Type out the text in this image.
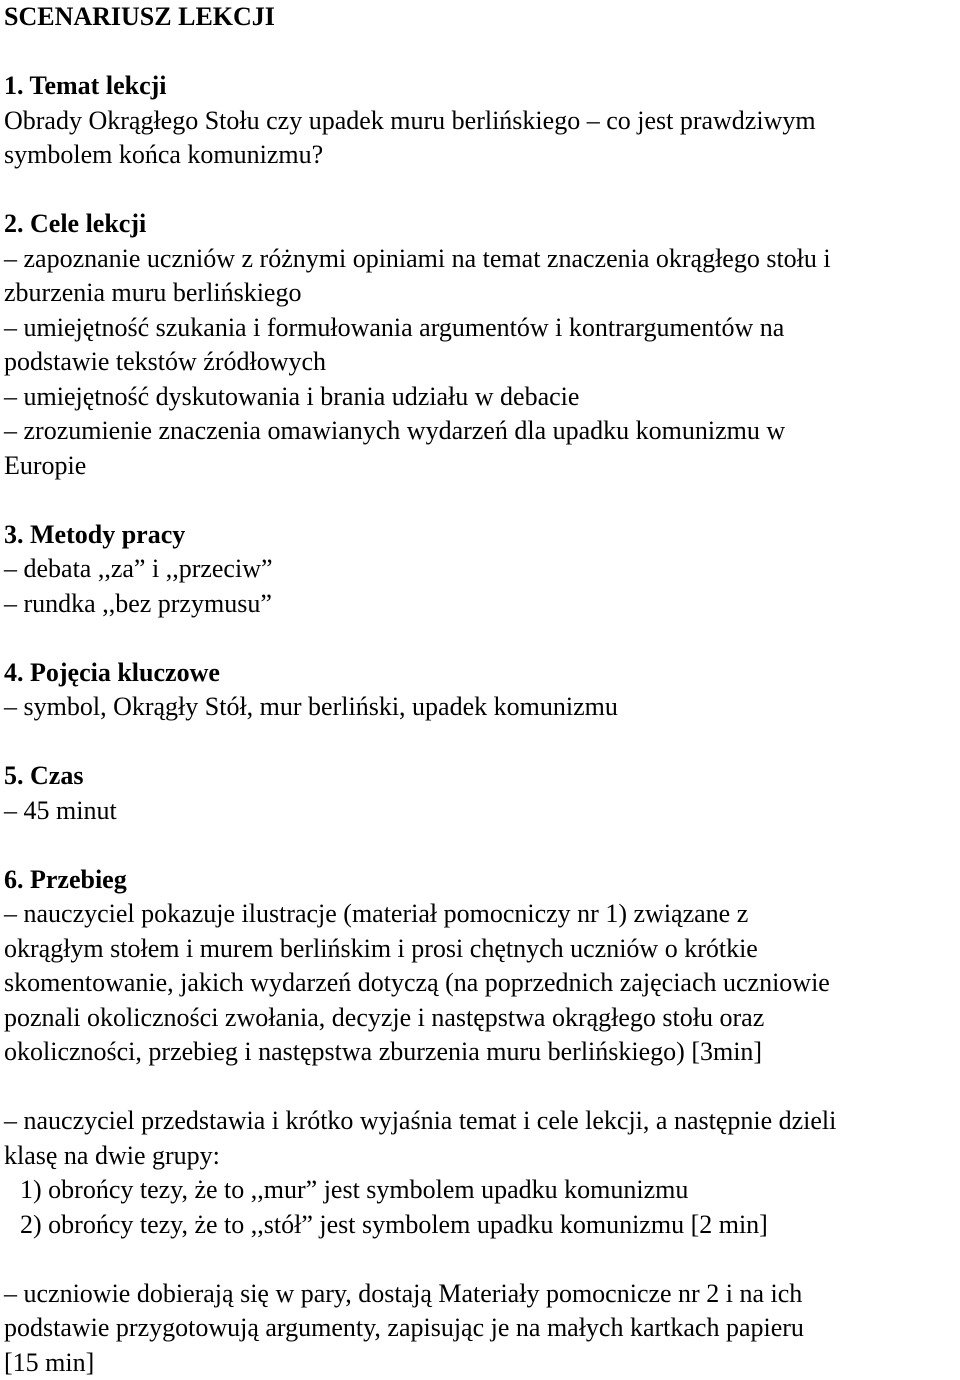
SCENARIUSZ LEKCJI
1. Temat lekcji
Obrady Okrągłego Stołu czy upadek muru berlińskiego – co jest prawdziwym
symbolem końca komunizmu?
2. Cele lekcji
– zapoznanie uczniów z różnymi opiniami na temat znaczenia okrągłego stołu i
zburzenia muru berlińskiego
– umiejętność szukania i formułowania argumentów i kontrargumentów na
podstawie tekstów źródłowych
– umiejętność dyskutowania i brania udziału w debacie
– zrozumienie znaczenia omawianych wydarzeń dla upadku komunizmu w
Europie
3. Metody pracy
– debata ,,za” i ,,przeciw”
– rundka ,,bez przymusu”
4. Pojęcia kluczowe
– symbol, Okrągły Stół, mur berliński, upadek komunizmu
5. Czas
– 45 minut
6. Przebieg
– nauczyciel pokazuje ilustracje (materiał pomocniczy nr 1) związane z
okrągłym stołem i murem berlińskim i prosi chętnych uczniów o krótkie
skomentowanie, jakich wydarzeń dotyczą (na poprzednich zajęciach uczniowie
poznali okoliczności zwołania, decyzje i następstwa okrągłego stołu oraz
okoliczności, przebieg i następstwa zburzenia muru berlińskiego) [3min]
– nauczyciel przedstawia i krótko wyjaśnia temat i cele lekcji, a następnie dzieli
klasę na dwie grupy:
1) obrońcy tezy, że to ,,mur” jest symbolem upadku komunizmu
2) obrońcy tezy, że to ,,stół” jest symbolem upadku komunizmu [2 min]
– uczniowie dobierają się w pary, dostają Materiały pomocnicze nr 2 i na ich
podstawie przygotowują argumenty, zapisując je na małych kartkach papieru
[15 min]
